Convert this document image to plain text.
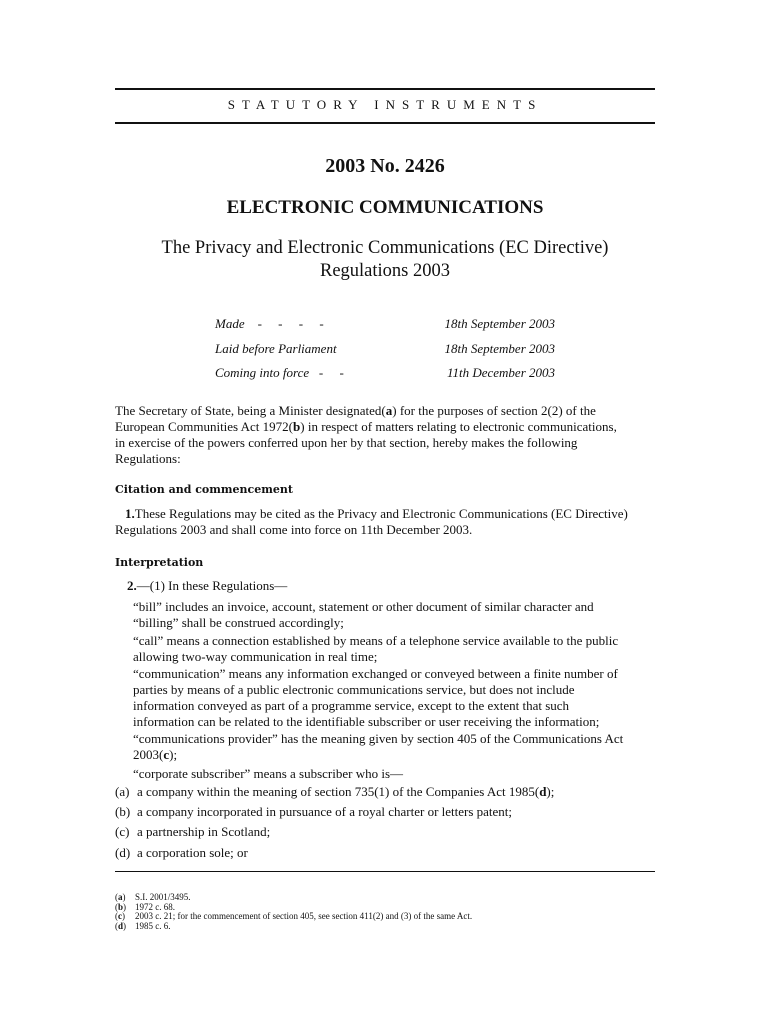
STATUTORY INSTRUMENTS
2003 No. 2426
ELECTRONIC COMMUNICATIONS
The Privacy and Electronic Communications (EC Directive)
Regulations 2003
Made    -     -     -     -	18th September 2003
Laid before Parliament	18th September 2003
Coming into force   -     -	11th December 2003
The Secretary of State, being a Minister designated(a) for the purposes of section 2(2) of the
European Communities Act 1972(b) in respect of matters relating to electronic communications,
in exercise of the powers conferred upon her by that section, hereby makes the following
Regulations:
Citation and commencement
1.These Regulations may be cited as the Privacy and Electronic Communications (EC Directive)
Regulations 2003 and shall come into force on 11th December 2003.
Interpretation
2.—(1) In these Regulations—
“bill” includes an invoice, account, statement or other document of similar character and
“billing” shall be construed accordingly;
“call” means a connection established by means of a telephone service available to the public
allowing two-way communication in real time;
“communication” means any information exchanged or conveyed between a finite number of
parties by means of a public electronic communications service, but does not include
information conveyed as part of a programme service, except to the extent that such
information can be related to the identifiable subscriber or user receiving the information;
“communications provider” has the meaning given by section 405 of the Communications Act
2003(c);
“corporate subscriber” means a subscriber who is—
(a) a company within the meaning of section 735(1) of the Companies Act 1985(d);
(b) a company incorporated in pursuance of a royal charter or letters patent;
(c) a partnership in Scotland;
(d) a corporation sole; or
(a) S.I. 2001/3495.
(b) 1972 c. 68.
(c) 2003 c. 21; for the commencement of section 405, see section 411(2) and (3) of the same Act.
(d) 1985 c. 6.
